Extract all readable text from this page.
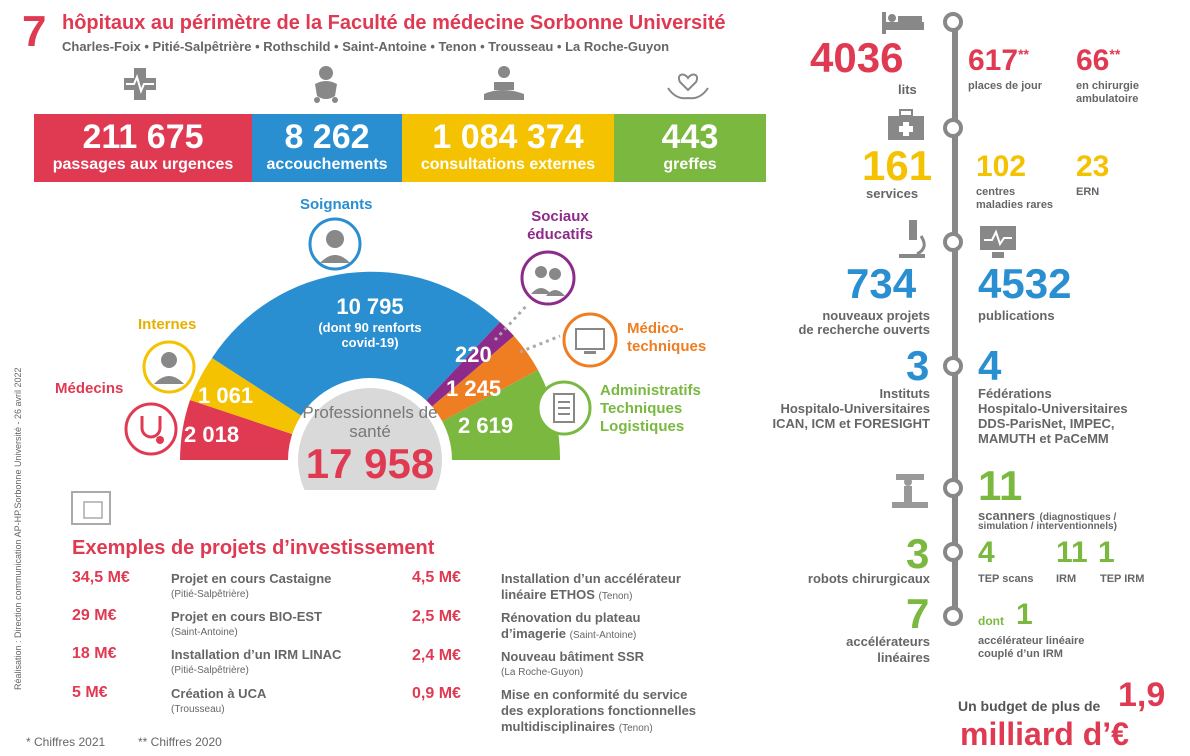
7 hôpitaux au périmètre de la Faculté de médecine Sorbonne Université
Charles-Foix • Pitié-Salpêtrière • Rothschild • Saint-Antoine • Tenon • Trousseau • La Roche-Guyon
211 675
passages aux urgences
8 262
accouchements
1 084 374
consultations externes
443
greffes
Professionnels de santé
17 958
2 018
1 061
10 795
(dont 90 renforts covid-19)	220
1 245
2 619
Médecins
Internes
Soignants
Sociaux éducatifs
Médico-techniques
Administratifs Techniques Logistiques
Exemples de projets d’investissement
34,5 M€	Projet en cours Castaigne
(Pitié-Salpêtrière)
29 M€	Projet en cours BIO-EST
(Saint-Antoine)
18 M€	Installation d’un IRM LINAC
(Pitié-Salpêtrière)
5 M€	Création à UCA
(Trousseau)
4,5 M€	Installation d’un accélérateur
linéaire ETHOS (Tenon)
2,5 M€	Rénovation du plateau
d’imagerie (Saint-Antoine)
2,4 M€	Nouveau bâtiment SSR
(La Roche-Guyon)
0,9 M€	Mise en conformité du service
des explorations fonctionnelles
multidisciplinaires (Tenon)
* Chiffres 2021	** Chiffres 2020
Réalisation : Direction communication AP-HP.Sorbonne Université - 26 avril 2022
4036
lits
617**
places de jour
66**
en chirurgie ambulatoire
161
services
102
centres
maladies rares
23
ERN
734
nouveaux projets
de recherche ouverts
4532
publications
3
Instituts
Hospitalo-Universitaires
ICAN, ICM et FORESIGHT
4
Fédérations
Hospitalo-Universitaires
DDS-ParisNet, IMPEC,
MAMUTH et PaCeMM
11
scanners (diagnostiques /
simulation / interventionnels)
3
robots chirurgicaux
4
TEP scans
11
IRM
1
TEP IRM
7
accélérateurs
linéaires
dont 1
accélérateur linéaire
couplé d’un IRM
Un budget de plus de 1,9
milliard d’€
